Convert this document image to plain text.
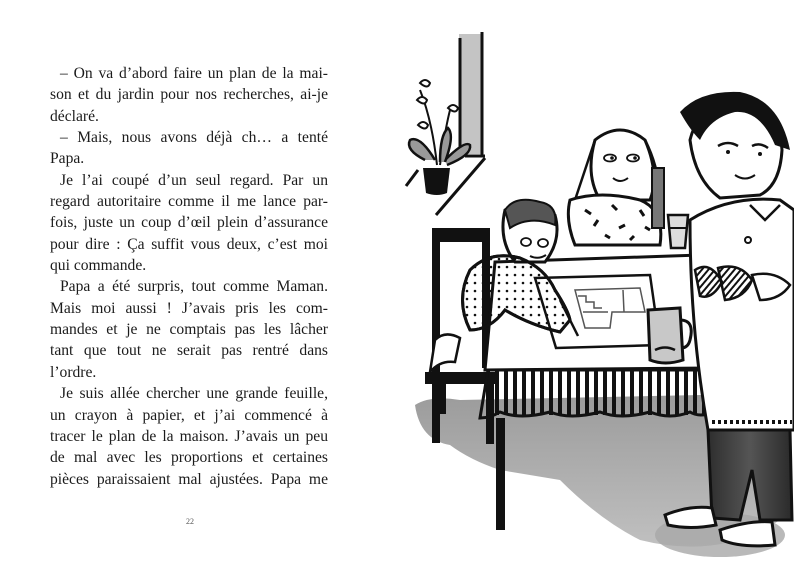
– On va d’abord faire un plan de la mai-
son et du jardin pour nos recherches, ai-je
déclaré.

– Mais, nous avons déjà ch… a tenté
Papa.

Je l’ai coupé d’un seul regard. Par un
regard autoritaire comme il me lance par-
fois, juste un coup d’œil plein d’assurance
pour dire : Ça suffit vous deux, c’est moi
qui commande.

Papa a été surpris, tout comme Maman.
Mais moi aussi ! J’avais pris les com-
mandes et je ne comptais pas les lâcher
tant que tout ne serait pas rentré dans
l’ordre.

Je suis allée chercher une grande feuille,
un crayon à papier, et j’ai commencé à
tracer le plan de la maison. J’avais un peu
de mal avec les proportions et certaines
pièces paraissaient mal ajustées. Papa me

22
